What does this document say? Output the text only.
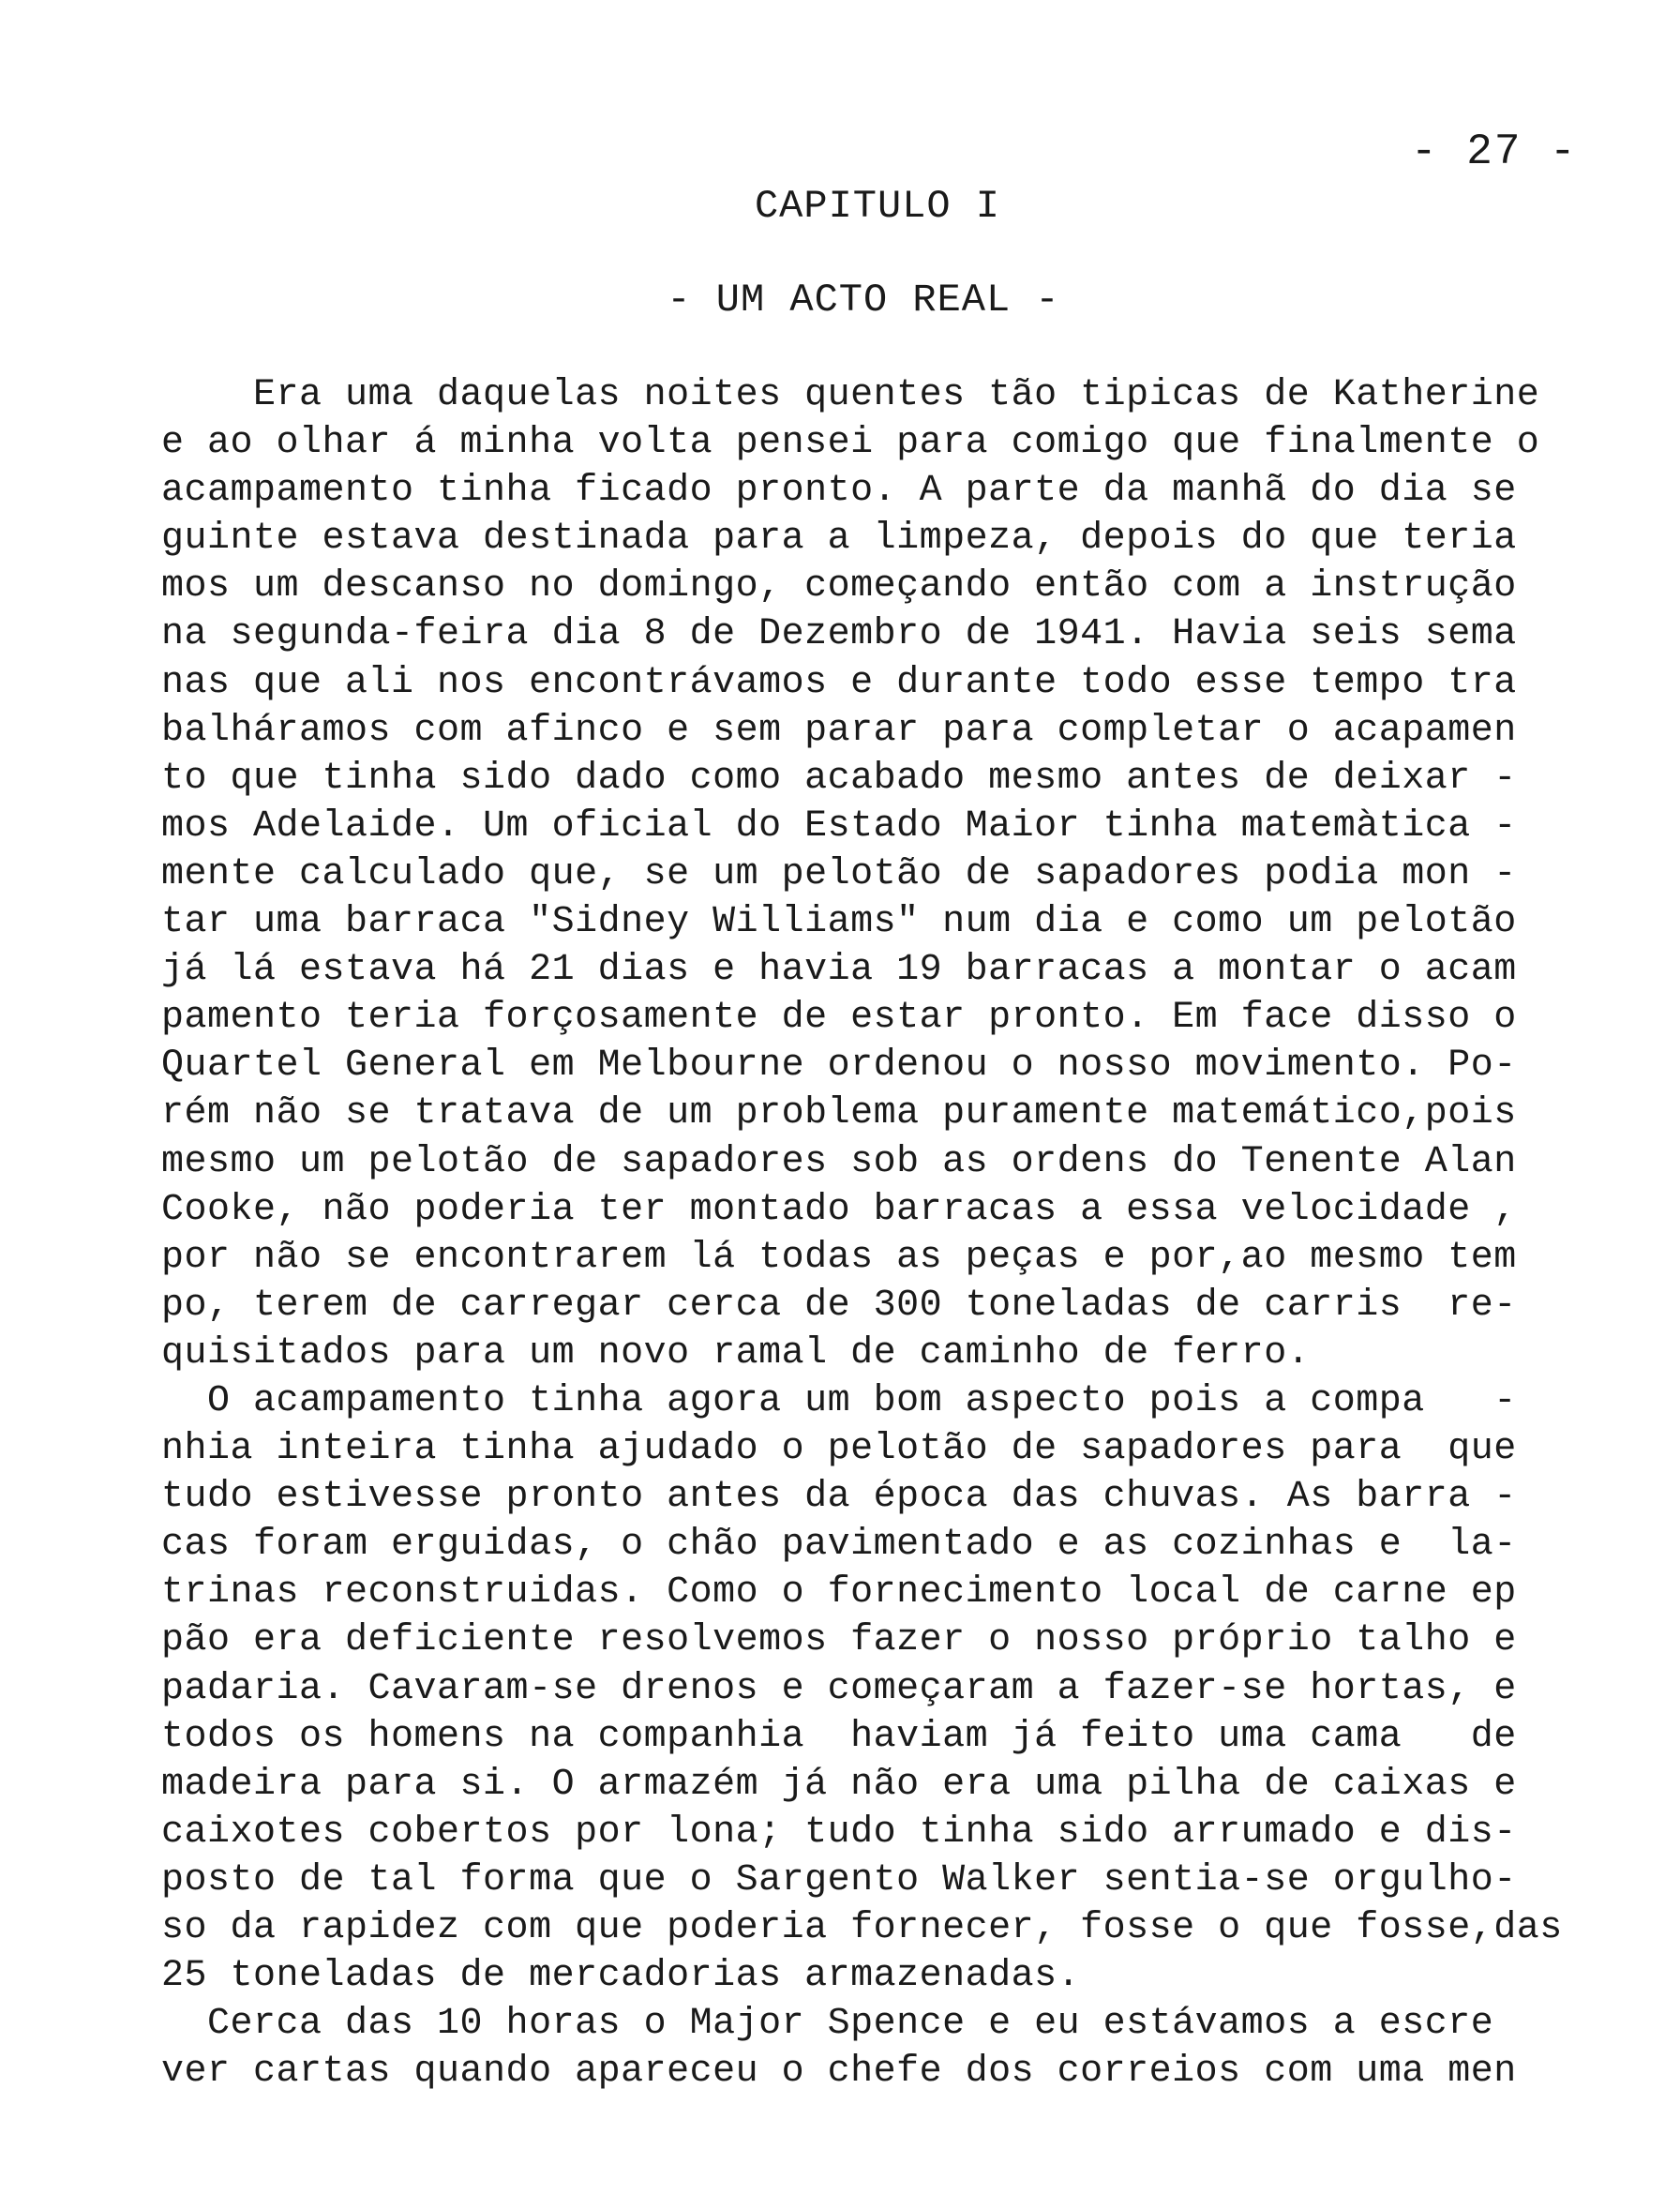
- 27 -
CAPITULO I
- UM ACTO REAL -
Era uma daquelas noites quentes tão tipicas de Katherine
e ao olhar á minha volta pensei para comigo que finalmente o
acampamento tinha ficado pronto. A parte da manhã do dia se
guinte estava destinada para a limpeza, depois do que teria
mos um descanso no domingo, começando então com a instrução
na segunda-feira dia 8 de Dezembro de 1941. Havia seis sema
nas que ali nos encontrávamos e durante todo esse tempo tra
balháramos com afinco e sem parar para completar o acapamen
to que tinha sido dado como acabado mesmo antes de deixar -
mos Adelaide. Um oficial do Estado Maior tinha matemàtica -
mente calculado que, se um pelotão de sapadores podia mon -
tar uma barraca "Sidney Williams" num dia e como um pelotão
já lá estava há 21 dias e havia 19 barracas a montar o acam
pamento teria forçosamente de estar pronto. Em face disso o
Quartel General em Melbourne ordenou o nosso movimento. Po-
rém não se tratava de um problema puramente matemático,pois
mesmo um pelotão de sapadores sob as ordens do Tenente Alan
Cooke, não poderia ter montado barracas a essa velocidade ,
por não se encontrarem lá todas as peças e por,ao mesmo tem
po, terem de carregar cerca de 300 toneladas de carris  re-
quisitados para um novo ramal de caminho de ferro.
O acampamento tinha agora um bom aspecto pois a compa   -
nhia inteira tinha ajudado o pelotão de sapadores para  que
tudo estivesse pronto antes da época das chuvas. As barra -
cas foram erguidas, o chão pavimentado e as cozinhas e  la-
trinas reconstruidas. Como o fornecimento local de carne ep
pão era deficiente resolvemos fazer o nosso próprio talho e
padaria. Cavaram-se drenos e começaram a fazer-se hortas, e
todos os homens na companhia  haviam já feito uma cama   de
madeira para si. O armazém já não era uma pilha de caixas e
caixotes cobertos por lona; tudo tinha sido arrumado e dis-
posto de tal forma que o Sargento Walker sentia-se orgulho-
so da rapidez com que poderia fornecer, fosse o que fosse,das
25 toneladas de mercadorias armazenadas.
Cerca das 10 horas o Major Spence e eu estávamos a escre
ver cartas quando apareceu o chefe dos correios com uma men
